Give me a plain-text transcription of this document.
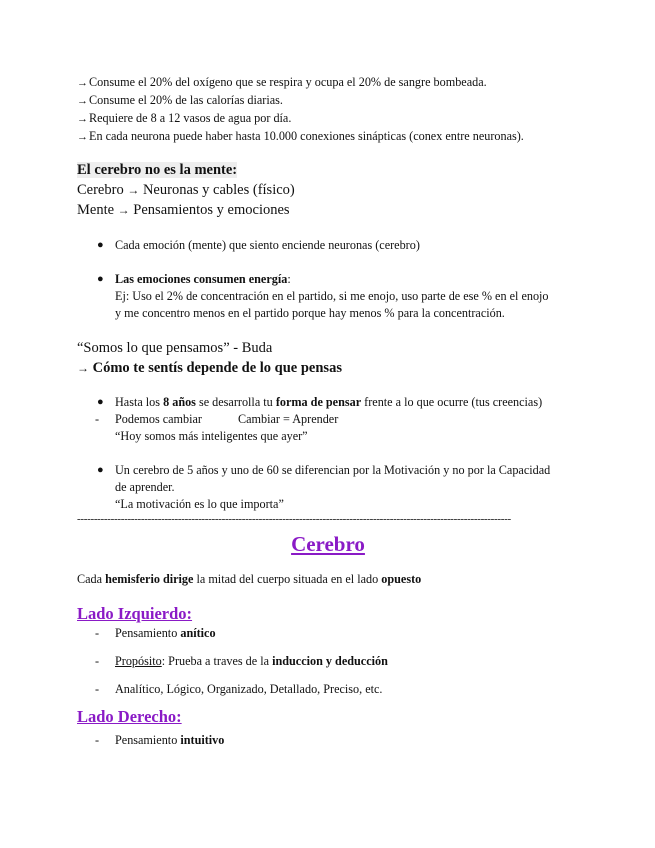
→Consume el 20% del oxígeno que se respira y ocupa el 20% de sangre bombeada.
→Consume el 20% de las calorías diarias.
→Requiere de 8 a 12 vasos de agua por día.
→En cada neurona puede haber hasta 10.000 conexiones sinápticas (conex entre neuronas).
El cerebro no es la mente:
Cerebro → Neuronas y cables (físico)
Mente → Pensamientos y emociones
● Cada emoción (mente) que siento enciende neuronas (cerebro)
● Las emociones consumen energía:
Ej: Uso el 2% de concentración en el partido, si me enojo, uso parte de ese % en el enojo
y me concentro menos en el partido porque hay menos % para la concentración.
“Somos lo que pensamos” - Buda
→ Cómo te sentís depende de lo que pensas
● Hasta los 8 años se desarrolla tu forma de pensar frente a lo que ocurre (tus creencias)
- Podemos cambiar	Cambiar = Aprender
“Hoy somos más inteligentes que ayer”
● Un cerebro de 5 años y uno de 60 se diferencian por la Motivación y no por la Capacidad
de aprender.
“La motivación es lo que importa”
---------------------------------------------------------------------------------------------------------------------------------
Cerebro
Cada hemisferio dirige la mitad del cuerpo situada en el lado opuesto
Lado Izquierdo:
- Pensamiento anítico
- Propósito: Prueba a traves de la induccion y deducción
- Analítico, Lógico, Organizado, Detallado, Preciso, etc.
Lado Derecho:
- Pensamiento intuitivo
